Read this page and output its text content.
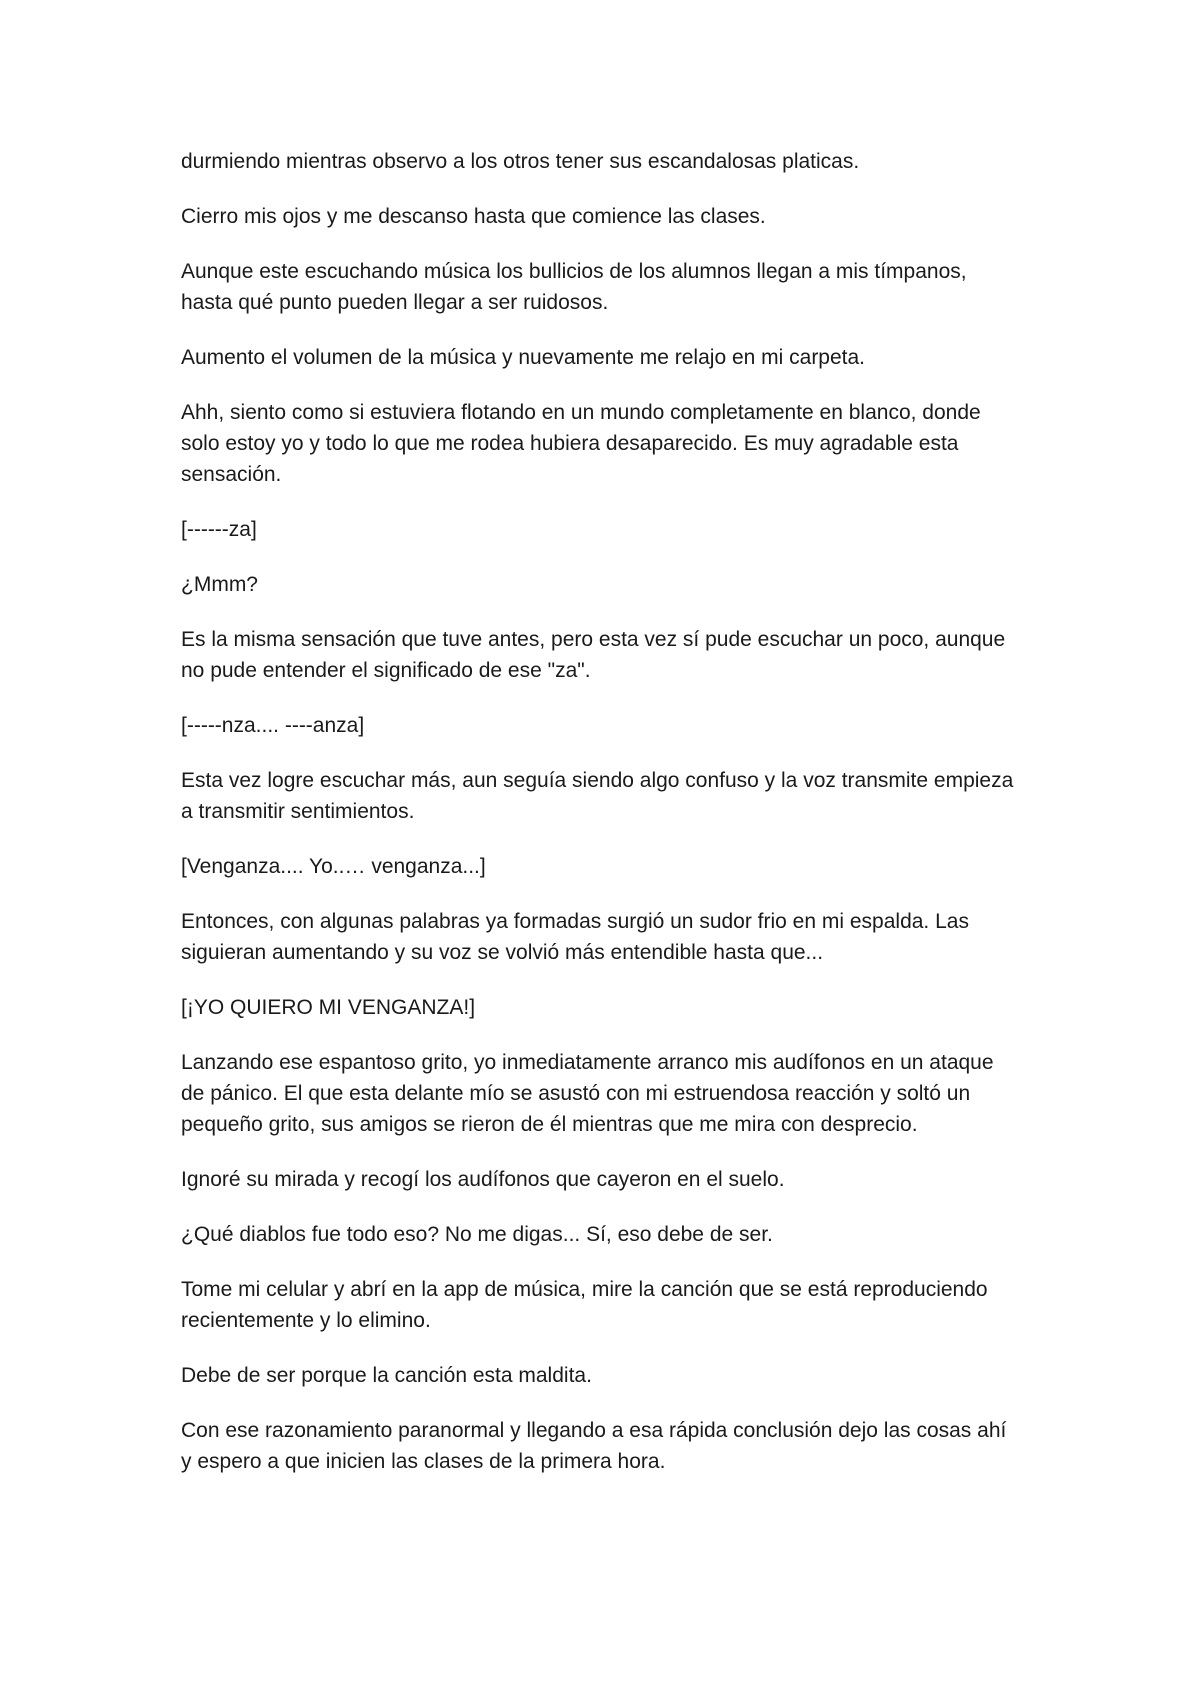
durmiendo mientras observo a los otros tener sus escandalosas platicas.

Cierro mis ojos y me descanso hasta que comience las clases.

Aunque este escuchando música los bullicios de los alumnos llegan a mis tímpanos, hasta qué punto pueden llegar a ser ruidosos.

Aumento el volumen de la música y nuevamente me relajo en mi carpeta.

Ahh, siento como si estuviera flotando en un mundo completamente en blanco, donde solo estoy yo y todo lo que me rodea hubiera desaparecido. Es muy agradable esta sensación.

[------za]

¿Mmm?

Es la misma sensación que tuve antes, pero esta vez sí pude escuchar un poco, aunque no pude entender el significado de ese "za".

[-----nza.... ----anza]

Esta vez logre escuchar más, aun seguía siendo algo confuso y la voz transmite empieza a transmitir sentimientos.

[Venganza.... Yo..… venganza...]

Entonces, con algunas palabras ya formadas surgió un sudor frio en mi espalda. Las siguieran aumentando y su voz se volvió más entendible hasta que...

[¡YO QUIERO MI VENGANZA!]

Lanzando ese espantoso grito, yo inmediatamente arranco mis audífonos en un ataque de pánico. El que esta delante mío se asustó con mi estruendosa reacción y soltó un pequeño grito, sus amigos se rieron de él mientras que me mira con desprecio.

Ignoré su mirada y recogí los audífonos que cayeron en el suelo.

¿Qué diablos fue todo eso? No me digas... Sí, eso debe de ser.

Tome mi celular y abrí en la app de música, mire la canción que se está reproduciendo recientemente y lo elimino.

Debe de ser porque la canción esta maldita.

Con ese razonamiento paranormal y llegando a esa rápida conclusión dejo las cosas ahí y espero a que inicien las clases de la primera hora.
